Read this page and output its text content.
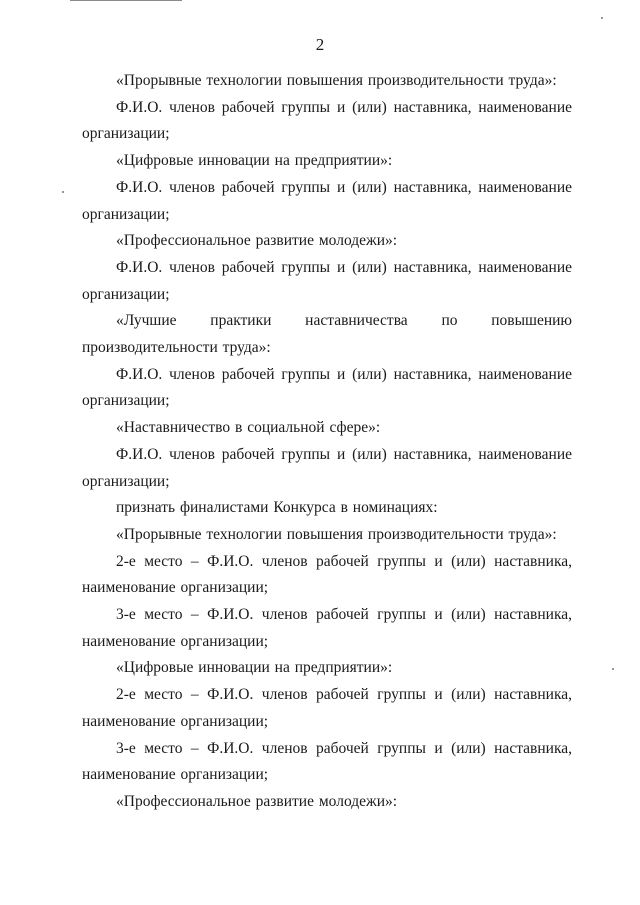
2

«Прорывные технологии повышения производительности труда»:

Ф.И.О. членов рабочей группы и (или) наставника, наименование организации;

«Цифровые инновации на предприятии»:

Ф.И.О. членов рабочей группы и (или) наставника, наименование организации;

«Профессиональное развитие молодежи»:

Ф.И.О. членов рабочей группы и (или) наставника, наименование организации;

«Лучшие практики наставничества по повышению производительности труда»:

Ф.И.О. членов рабочей группы и (или) наставника, наименование организации;

«Наставничество в социальной сфере»:

Ф.И.О. членов рабочей группы и (или) наставника, наименование организации;

признать финалистами Конкурса в номинациях:

«Прорывные технологии повышения производительности труда»:

2-е место – Ф.И.О. членов рабочей группы и (или) наставника, наименование организации;

3-е место – Ф.И.О. членов рабочей группы и (или) наставника, наименование организации;

«Цифровые инновации на предприятии»:

2-е место – Ф.И.О. членов рабочей группы и (или) наставника, наименование организации;

3-е место – Ф.И.О. членов рабочей группы и (или) наставника, наименование организации;

«Профессиональное развитие молодежи»:
